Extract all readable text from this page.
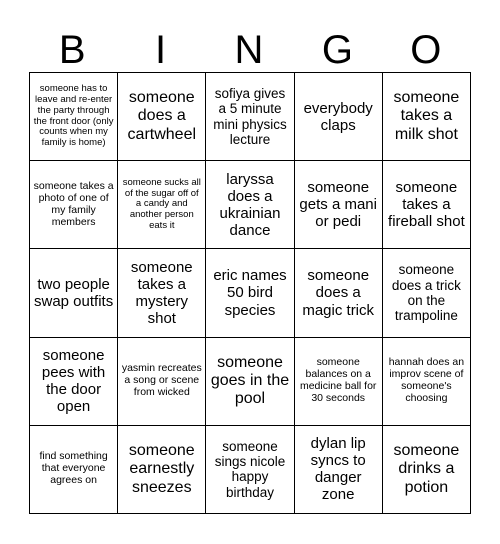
B	I	N	G	O
someone has to leave and re-enter the party through the front door (only counts when my family is home)
someone does a cartwheel
sofiya gives a 5 minute mini physics lecture
everybody claps
someone takes a milk shot
someone takes a photo of one of my family members
someone sucks all of the sugar off of a candy and another person eats it
laryssa does a ukrainian dance
someone gets a mani or pedi
someone takes a fireball shot
two people swap outfits
someone takes a mystery shot
eric names 50 bird species
someone does a magic trick
someone does a trick on the trampoline
someone pees with the door open
yasmin recreates a song or scene from wicked
someone goes in the pool
someone balances on a medicine ball for 30 seconds
hannah does an improv scene of someone's choosing
find something that everyone agrees on
someone earnestly sneezes
someone sings nicole happy birthday
dylan lip syncs to danger zone
someone drinks a potion
